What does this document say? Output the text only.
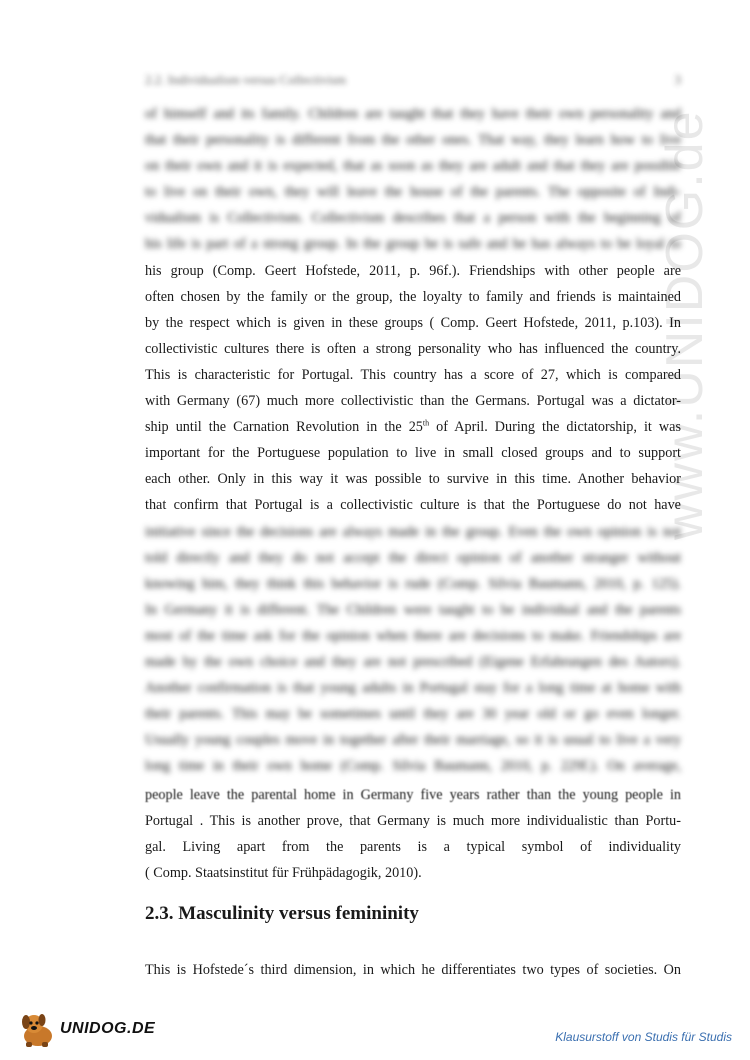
2.2. Individualism versus Collectivism	3
www.UNIDOG.de
of himself and its family. Children are taught that they have their own personality and
that their personality is different from the other ones. That way, they learn how to live
on their own and it is expected, that as soon as they are adult and that they are possible
to live on their own, they will leave the house of the parents. The opposite of Indi-
vidualism is Collectivism. Collectivism describes that a person with the beginning of
his life is part of a strong group. In the group he is safe and he has always to be loyal to
his group (Comp. Geert Hofstede, 2011, p. 96f.). Friendships with other people are
often chosen by the family or the group, the loyalty to family and friends is maintained
by the respect which is given in these groups ( Comp. Geert Hofstede, 2011, p.103). In
collectivistic cultures there is often a strong personality who has influenced the country.
This is characteristic for Portugal. This country has a score of 27, which is compared
with Germany (67) much more collectivistic than the Germans. Portugal was a dictator-
ship until the Carnation Revolution in the 25th of April. During the dictatorship, it was
important for the Portuguese population to live in small closed groups and to support
each other. Only in this way it was possible to survive in this time. Another behavior
that confirm that Portugal is a collectivistic culture is that the Portuguese do not have
initiative since the decisions are always made in the group. Even the own opinion is not
told directly and they do not accept the direct opinion of another stranger without
knowing him, they think this behavior is rude (Comp. Silvia Baumann, 2010, p. 125).
In Germany it is different. The Children were taught to be individual and the parents
most of the time ask for the opinion when there are decisions to make. Friendships are
made by the own choice and they are not prescribed (Eigene Erfahrungen des Autors).
Another confirmation is that young adults in Portugal stay for a long time at home with
their parents. This may be sometimes until they are 30 year old or go even longer.
Usually young couples move in together after their marriage, so it is usual to live a very
long time in their own home (Comp. Silvia Baumann, 2010, p. 229f.). On average,
people leave the parental home in Germany five years rather than the young people in
Portugal . This is another prove, that Germany is much more individualistic than Portu-
gal. Living apart from the parents is a typical symbol of individuality
( Comp. Staatsinstitut für Frühpädagogik, 2010).
2.3. Masculinity versus femininity
This is Hofstede´s third dimension, in which he differentiates two types of societies. On
UNIDOG.DE	Klausurstoff von Studis für Studis
